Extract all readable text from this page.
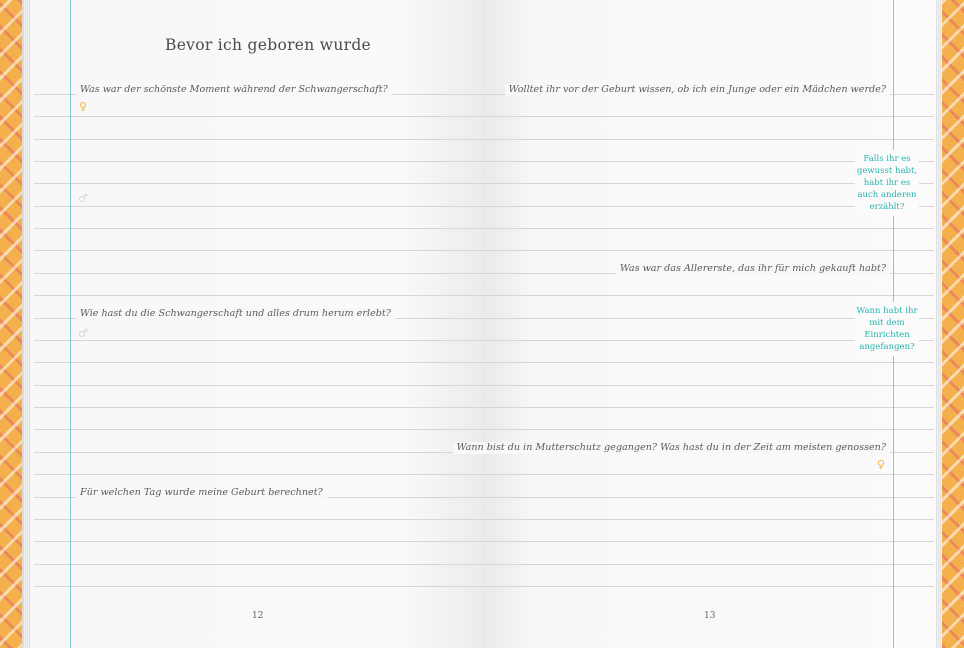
Bevor ich geboren wurde
Was war der schönste Moment während der Schwangerschaft?	Wolltet ihr vor der Geburt wissen, ob ich ein Junge oder ein Mädchen werde?
Was war das Allererste, das ihr für mich gekauft habt?
Wie hast du die Schwangerschaft und alles drum herum erlebt?
Wann bist du in Mutterschutz gegangen? Was hast du in der Zeit am meisten genossen?
Für welchen Tag wurde meine Geburt berechnet?
Falls ihr es gewusst habt, habt ihr es auch anderen erzählt?
Wann habt ihr mit dem Einrichten angefangen?
♀
♂
♂
♀
12	13
